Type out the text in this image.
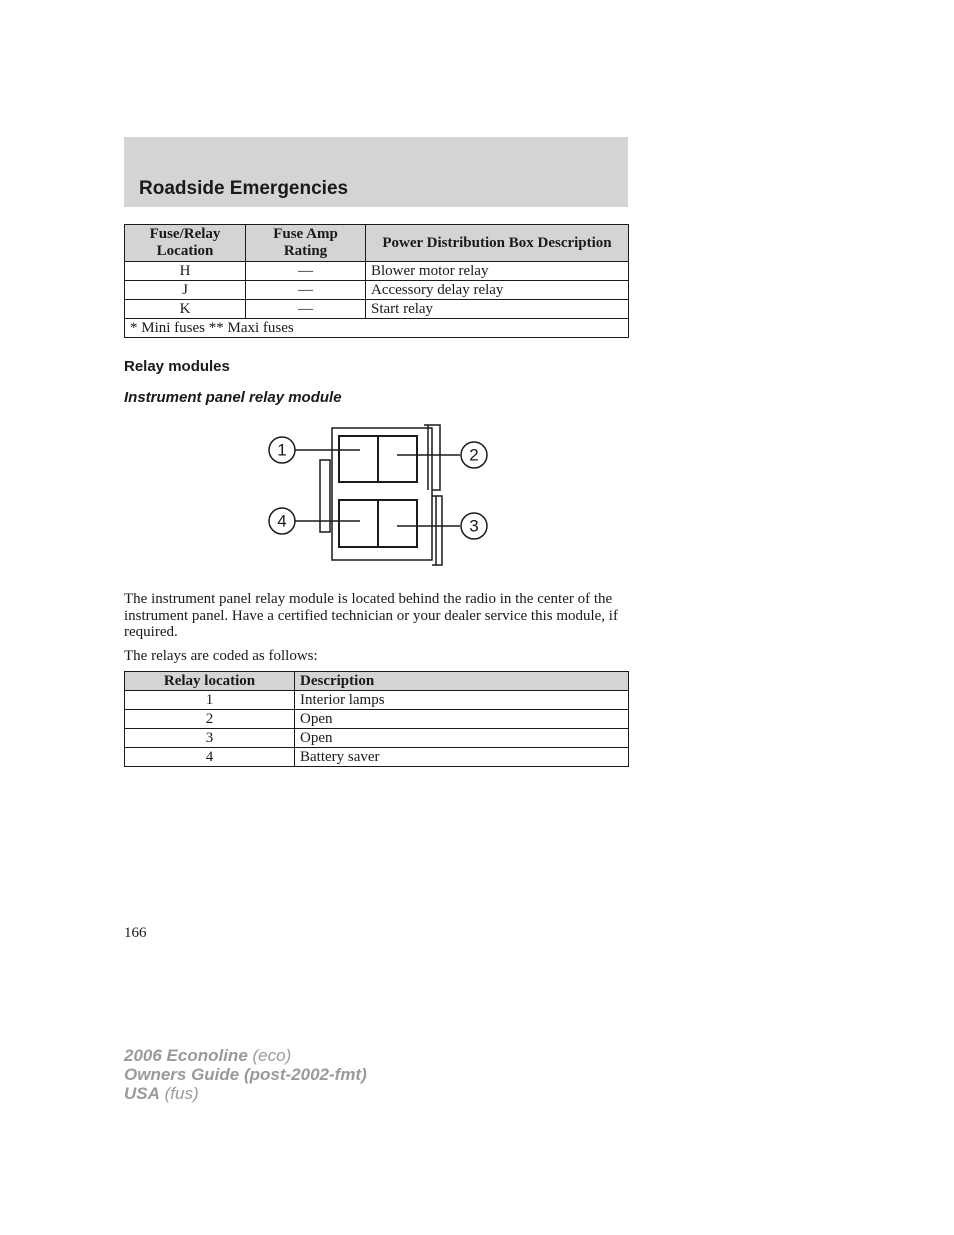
Roadside Emergencies
Fuse/Relay Location	Fuse Amp Rating	Power Distribution Box Description
H	—	Blower motor relay
J	—	Accessory delay relay
K	—	Start relay
* Mini fuses ** Maxi fuses		
Relay modules
Instrument panel relay module
1	2
3
4

The instrument panel relay module is located behind the radio in the center of the instrument panel. Have a certified technician or your dealer service this module, if required.

The relays are coded as follows:

Relay location	Description
1	Interior lamps
2	Open
3	Open
4	Battery saver
166
2006 Econoline (eco)
Owners Guide (post-2002-fmt)
USA (fus)
